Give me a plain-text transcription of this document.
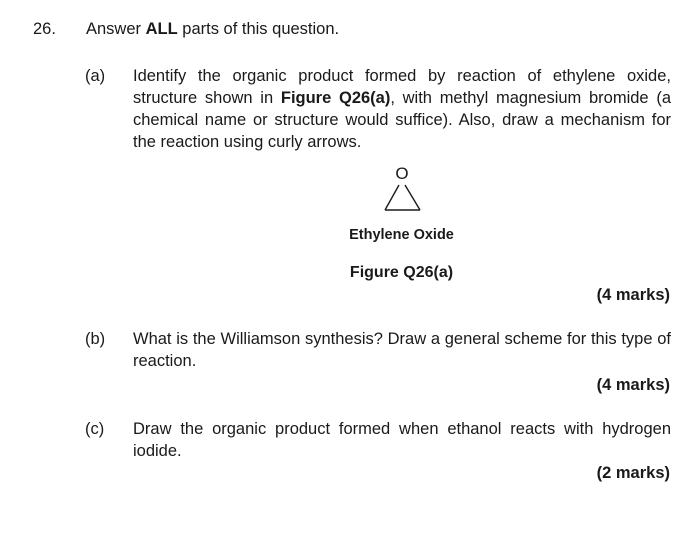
26. Answer ALL parts of this question.
(a) Identify the organic product formed by reaction of ethylene oxide, structure shown in Figure Q26(a), with methyl magnesium bromide (a chemical name or structure would suffice). Also, draw a mechanism for the reaction using curly arrows.
O
Ethylene Oxide
Figure Q26(a)
(4 marks)
(b) What is the Williamson synthesis? Draw a general scheme for this type of reaction.
(4 marks)
(c) Draw the organic product formed when ethanol reacts with hydrogen iodide.
(2 marks)
